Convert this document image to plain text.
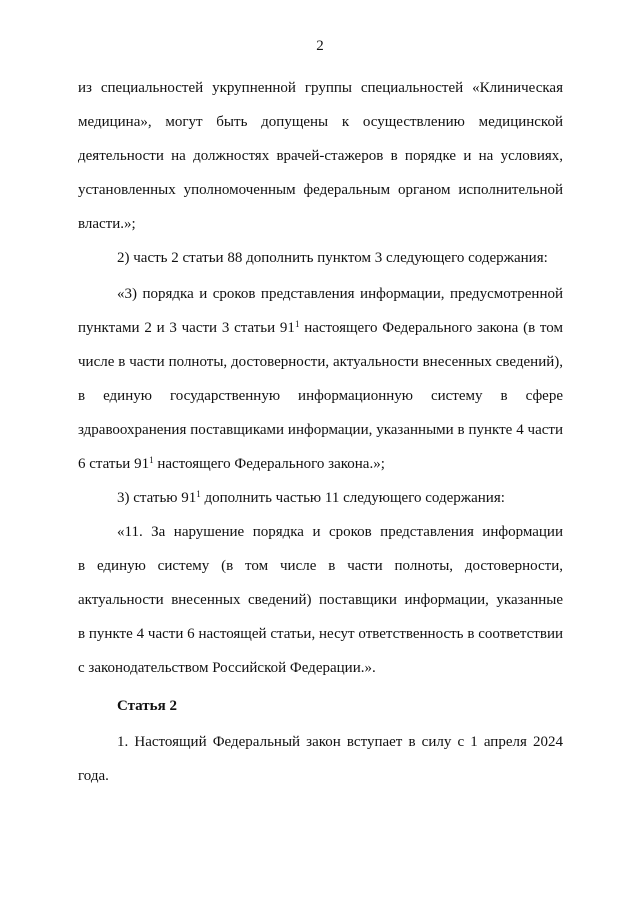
2
из специальностей укрупненной группы специальностей «Клиническая
медицина», могут быть допущены к осуществлению медицинской
деятельности на должностях врачей-стажеров в порядке и на условиях,
установленных уполномоченным федеральным органом исполнительной
власти.»;
2) часть 2 статьи 88 дополнить пунктом 3 следующего содержания:
«3) порядка и сроков представления информации, предусмотренной
пунктами 2 и 3 части 3 статьи $91^1$ настоящего Федерального закона (в том
числе в части полноты, достоверности, актуальности внесенных сведений),
в единую государственную информационную систему в сфере
здравоохранения поставщиками информации, указанными в пункте 4 части
6 статьи $91^1$ настоящего Федерального закона.»;
3) статью $91^1$ дополнить частью 11 следующего содержания:
«11. За нарушение порядка и сроков представления информации
в единую систему (в том числе в части полноты, достоверности,
актуальности внесенных сведений) поставщики информации, указанные
в пункте 4 части 6 настоящей статьи, несут ответственность в соответствии
с законодательством Российской Федерации.».
Статья 2
1. Настоящий Федеральный закон вступает в силу с 1 апреля 2024
года.
